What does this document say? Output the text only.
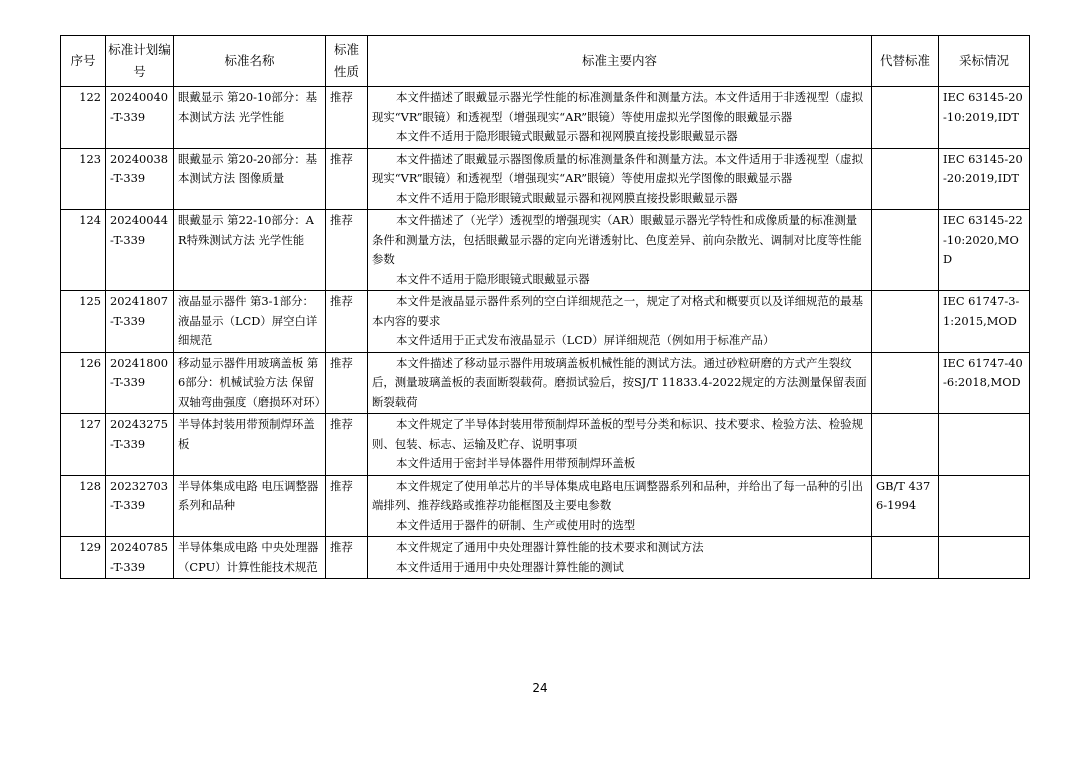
序号	标准计划编号	标准名称	标准性质	标准主要内容	代替标准	采标情况
122	20240040-T-339	眼戴显示 第20-10部分：基本测试方法 光学性能	推荐	本文件描述了眼戴显示器光学性能的标准测量条件和测量方法。本文件适用于非透视型（虚拟现实“VR”眼镜）和透视型（增强现实“AR”眼镜）等使用虚拟光学图像的眼戴显示器
本文件不适用于隐形眼镜式眼戴显示器和视网膜直接投影眼戴显示器		IEC 63145-20-10:2019,IDT
123	20240038-T-339	眼戴显示 第20-20部分：基本测试方法 图像质量	推荐	本文件描述了眼戴显示器图像质量的标准测量条件和测量方法。本文件适用于非透视型（虚拟现实“VR”眼镜）和透视型（增强现实“AR”眼镜）等使用虚拟光学图像的眼戴显示器
本文件不适用于隐形眼镜式眼戴显示器和视网膜直接投影眼戴显示器		IEC 63145-20-20:2019,IDT
124	20240044-T-339	眼戴显示 第22-10部分：AR特殊测试方法 光学性能	推荐	本文件描述了（光学）透视型的增强现实（AR）眼戴显示器光学特性和成像质量的标准测量条件和测量方法，包括眼戴显示器的定向光谱透射比、色度差异、前向杂散光、调制对比度等性能参数
本文件不适用于隐形眼镜式眼戴显示器		IEC 63145-22-10:2020,MOD
125	20241807-T-339	液晶显示器件 第3-1部分：液晶显示（LCD）屏空白详细规范	推荐	本文件是液晶显示器件系列的空白详细规范之一，规定了对格式和概要页以及详细规范的最基本内容的要求
本文件适用于正式发布液晶显示（LCD）屏详细规范（例如用于标准产品）		IEC 61747-3-1:2015,MOD
126	20241800-T-339	移动显示器件用玻璃盖板 第6部分：机械试验方法 保留双轴弯曲强度（磨损环对环）	推荐	本文件描述了移动显示器件用玻璃盖板机械性能的测试方法。通过砂粒研磨的方式产生裂纹后，测量玻璃盖板的表面断裂载荷。磨损试验后，按SJ/T 11833.4-2022规定的方法测量保留表面断裂载荷		IEC 61747-40-6:2018,MOD
127	20243275-T-339	半导体封装用带预制焊环盖板	推荐	本文件规定了半导体封装用带预制焊环盖板的型号分类和标识、技术要求、检验方法、检验规则、包装、标志、运输及贮存、说明事项
本文件适用于密封半导体器件用带预制焊环盖板		

128	20232703-T-339	半导体集成电路 电压调整器系列和品种	推荐	本文件规定了使用单芯片的半导体集成电路电压调整器系列和品种，并给出了每一品种的引出端排列、推荐线路或推荐功能框图及主要电参数
本文件适用于器件的研制、生产或使用时的选型	GB/T 4376-1994	
129	20240785-T-339	半导体集成电路 中央处理器（CPU）计算性能技术规范	推荐	本文件规定了通用中央处理器计算性能的技术要求和测试方法
本文件适用于通用中央处理器计算性能的测试		

24
